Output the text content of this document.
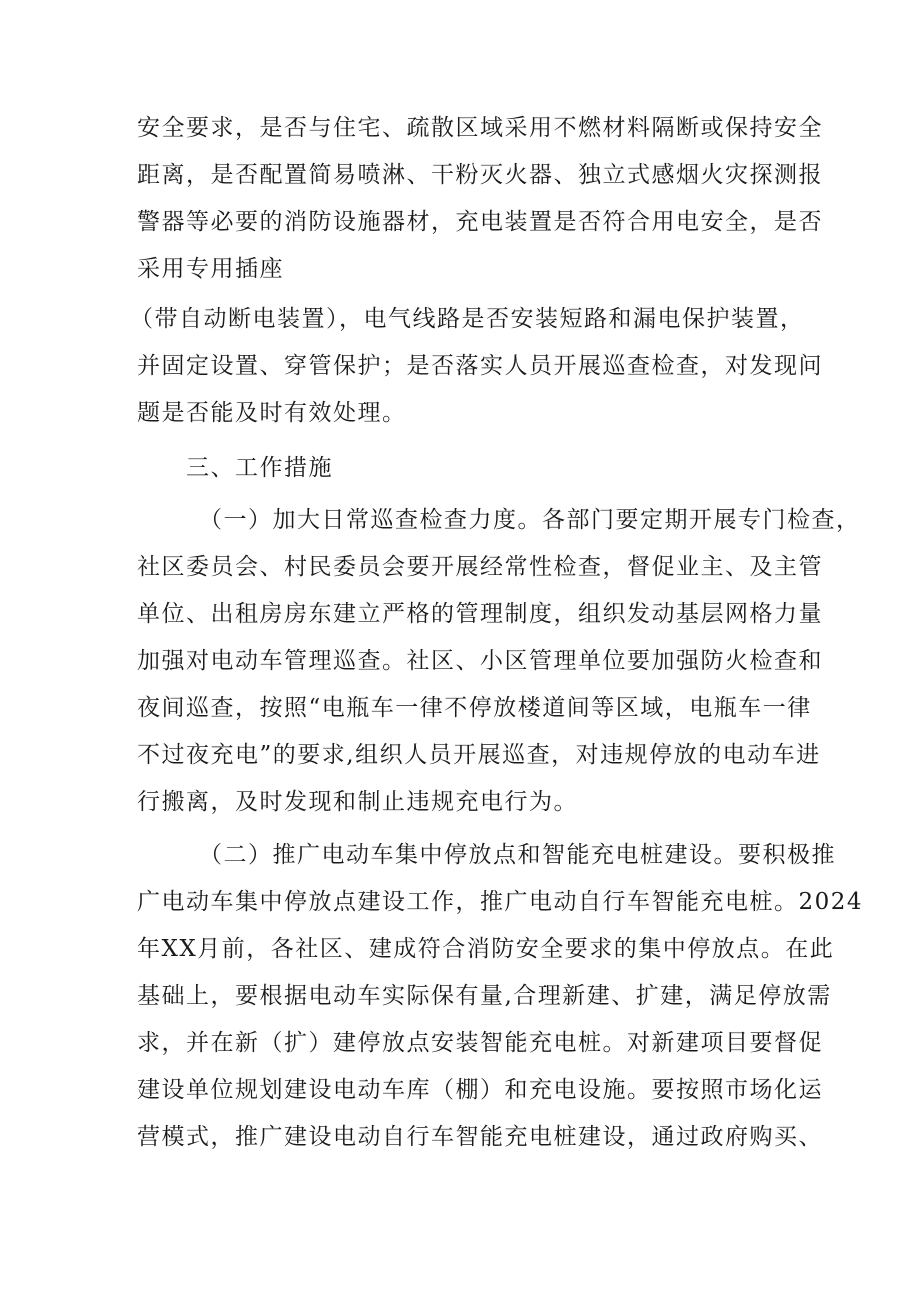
安全要求，是否与住宅、疏散区域采用不燃材料隔断或保持安全
距离，是否配置简易喷淋、干粉灭火器、独立式感烟火灾探测报
警器等必要的消防设施器材，充电装置是否符合用电安全，是否
采用专用插座
（带自动断电装置），电气线路是否安装短路和漏电保护装置，
并固定设置、穿管保护；是否落实人员开展巡查检查，对发现问
题是否能及时有效处理。
三、工作措施
（一）加大日常巡查检查力度。各部门要定期开展专门检查，
社区委员会、村民委员会要开展经常性检查，督促业主、及主管
单位、出租房房东建立严格的管理制度，组织发动基层网格力量
加强对电动车管理巡查。社区、小区管理单位要加强防火检查和
夜间巡查，按照“电瓶车一律不停放楼道间等区域，电瓶车一律
不过夜充电”的要求,组织人员开展巡查，对违规停放的电动车进
行搬离，及时发现和制止违规充电行为。
（二）推广电动车集中停放点和智能充电桩建设。要积极推
广电动车集中停放点建设工作，推广电动自行车智能充电桩。2024
年XX月前，各社区、建成符合消防安全要求的集中停放点。在此
基础上，要根据电动车实际保有量,合理新建、扩建，满足停放需
求，并在新（扩）建停放点安装智能充电桩。对新建项目要督促
建设单位规划建设电动车库（棚）和充电设施。要按照市场化运
营模式，推广建设电动自行车智能充电桩建设，通过政府购买、
